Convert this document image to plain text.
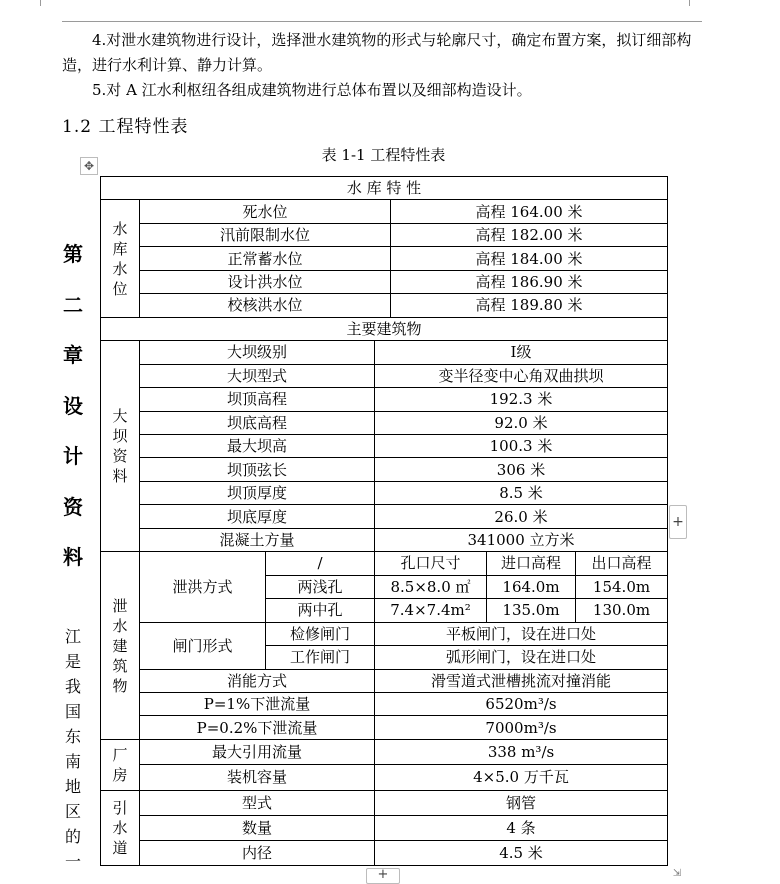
4.对泄水建筑物进行设计，选择泄水建筑物的形式与轮廓尺寸，确定布置方案，拟订细部构造，进行水利计算、静力计算。

5.对 A 江水利枢纽各组成建筑物进行总体布置以及细部构造设计。

1.2 工程特性表
✥
表 1-1 工程特性表
第
二
章
设
计
资
料
江
是
我
国
东
南
地
区
的
一
水 库 特 性						

水
库
水
位	死水位			高程 164.00 米		
	汛前限制水位			高程 182.00 米		
	正常蓄水位			高程 184.00 米		
	设计洪水位			高程 186.90 米		
	校核洪水位			高程 189.80 米		
主要建筑物						

大
坝
资
料	大坝级别		Ⅰ级			
	大坝型式		变半径变中心角双曲拱坝			
	坝顶高程		192.3 米			
	坝底高程		92.0 米			
	最大坝高		100.3 米			
	坝顶弦长		306 米			
	坝顶厚度		8.5 米			
	坝底厚度		26.0 米			
	混凝土方量		341000 立方米			

泄
水
建
筑
物	泄洪方式	/	孔口尺寸		进口高程	出口高程
		两浅孔	8.5×8.0 ㎡		164.0m	154.0m
		两中孔	7.4×7.4m²		135.0m	130.0m
	闸门形式	检修闸门	平板闸门，设在进口处			
		工作闸门	弧形闸门，设在进口处			
	消能方式		滑雪道式泄槽挑流对撞消能			
	P=1%下泄流量		6520m³/s			
	P=0.2%下泄流量		7000m³/s			

厂
房	最大引用流量		338 m³/s			
	装机容量		4×5.0 万千瓦			

引
水
道	型式		钢管			
	数量		4 条			
	内径		4.5 米			
+
+	⇲
